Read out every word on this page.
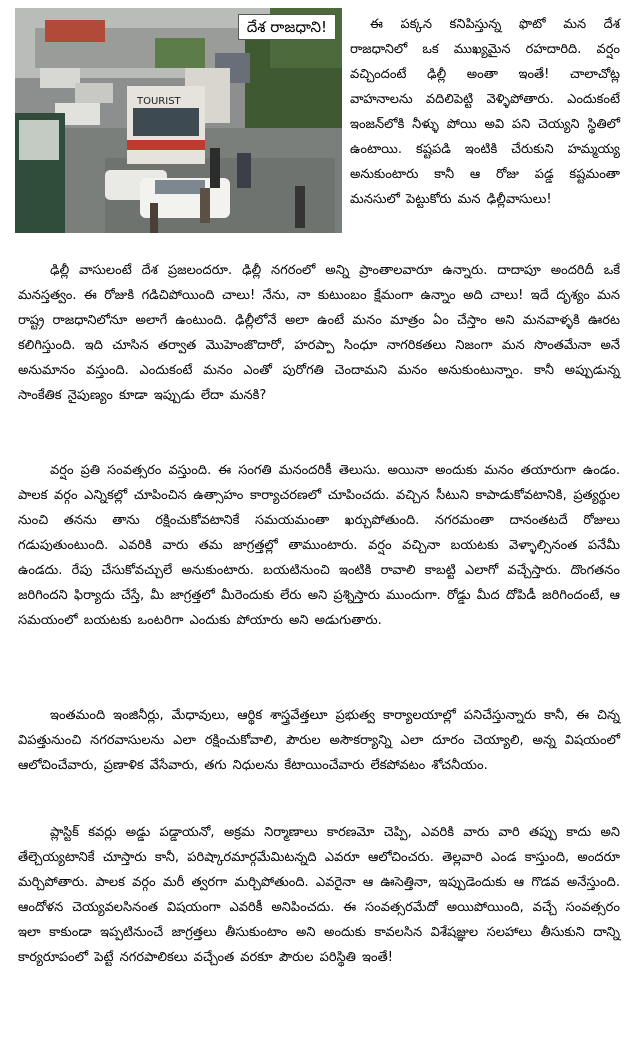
TOURIST
దేశ రాజధాని!	ఈ పక్కన కనిపిస్తున్న ఫొటో మన దేశ రాజధానిలో ఒక ముఖ్యమైన రహదారిది. వర్షం వచ్చిందంటే ఢిల్లీ అంతా ఇంతే! చాలాచోట్ల వాహనాలను వదిలిపెట్టి వెళ్ళిపోతారు. ఎందుకంటే ఇంజన్‌లోకి నీళ్ళు పోయి అవి పని చెయ్యని స్థితిలో ఉంటాయి. కష్టపడి ఇంటికి చేరుకుని హమ్మయ్య అనుకుంటారు కానీ ఆ రోజు పడ్డ కష్టమంతా మనసులో పెట్టుకోరు మన ఢిల్లీవాసులు!

ఢిల్లీ వాసులంటే దేశ ప్రజలందరూ. ఢిల్లీ నగరంలో అన్ని ప్రాంతాలవారూ ఉన్నారు. దాదాపూ అందరిదీ ఒకే మనస్తత్వం. ఈ రోజుకి గడిచిపోయింది చాలు! నేను, నా కుటుంబం క్షేమంగా ఉన్నాం అది చాలు! ఇదే దృశ్యం మన రాష్ట్ర రాజధానిలోనూ అలాగే ఉంటుంది. ఢిల్లీలోనే అలా ఉంటే మనం మాత్రం ఏం చేస్తాం అని మనవాళ్ళకి ఊరట కలిగిస్తుంది. ఇది చూసిన తర్వాత మొహెంజొదారో, హరప్పా సింధూ నాగరికతలు నిజంగా మన సొంతమేనా అనే అనుమానం వస్తుంది. ఎందుకంటే మనం ఎంతో పురోగతి చెందామని మనం అనుకుంటున్నాం. కానీ అప్పుడున్న సాంకేతిక నైపుణ్యం కూడా ఇప్పుడు లేదా మనకి?

వర్షం ప్రతి సంవత్సరం వస్తుంది. ఈ సంగతి మనందరికీ తెలుసు. అయినా అందుకు మనం తయారుగా ఉండం. పాలక వర్గం ఎన్నికల్లో చూపించిన ఉత్సాహం కార్యాచరణలో చూపించదు. వచ్చిన సీటుని కాపాడుకోవటానికి, ప్రత్యర్థుల నుంచి తనను తాను రక్షించుకోవటానికే సమయమంతా ఖర్చుపోతుంది. నగరమంతా దానంతటదే రోజులు గడుపుతుంటుంది. ఎవరికి వారు తమ జాగ్రత్తల్లో తాముంటారు. వర్షం వచ్చినా బయటకు వెళ్ళాల్సినంత పనేమీ ఉండదు. రేపు చేసుకోవచ్చులే అనుకుంటారు. బయటినుంచి ఇంటికి రావాలి కాబట్టి ఎలాగో వచ్చేస్తారు. దొంగతనం జరిగిందని ఫిర్యాదు చేస్తే, మీ జాగ్రత్తలో మీరెందుకు లేరు అని ప్రశ్నిస్తారు ముందుగా. రోడ్డు మీద దోపిడీ జరిగిందంటే, ఆ సమయంలో బయటకు ఒంటరిగా ఎందుకు పోయారు అని అడుగుతారు.

ఇంతమంది ఇంజినీర్లు, మేధావులు, ఆర్థిక శాస్త్రవేత్తలూ ప్రభుత్వ కార్యాలయాల్లో పనిచేస్తున్నారు కానీ, ఈ చిన్న విపత్తునుంచి నగరవాసులను ఎలా రక్షించుకోవాలి, పౌరుల అసౌకర్యాన్ని ఎలా దూరం చెయ్యాలి, అన్న విషయంలో ఆలోచించేవారు, ప్రణాళిక వేసేవారు, తగు నిధులను కేటాయించేవారు లేకపోవటం శోచనీయం.

ప్లాస్టిక్ కవర్లు అడ్డు పడ్డాయనో, అక్రమ నిర్మాణాలు కారణమో చెప్పి, ఎవరికి వారు వారి తప్పు కాదు అని తేల్చెయ్యటానికే చూస్తారు కానీ, పరిష్కారమార్గమేమిటన్నది ఎవరూ ఆలోచించరు. తెల్లవారి ఎండ కాస్తుంది, అందరూ మర్చిపోతారు. పాలక వర్గం మరీ త్వరగా మర్చిపోతుంది. ఎవరైనా ఆ ఊసెత్తినా, ఇప్పుడెందుకు ఆ గొడవ అనేస్తుంది. ఆందోళన చెయ్యవలసినంత విషయంగా ఎవరికీ అనిపించదు. ఈ సంవత్సరమేదో అయిపోయింది, వచ్చే సంవత్సరం ఇలా కాకుండా ఇప్పటినుంచే జాగ్రత్తలు తీసుకుంటాం అని అందుకు కావలసిన విశేషజ్ఞుల సలహాలు తీసుకుని దాన్ని కార్యరూపంలో పెట్టే నగరపాలికలు వచ్చేంత వరకూ పౌరుల పరిస్థితి ఇంతే!
